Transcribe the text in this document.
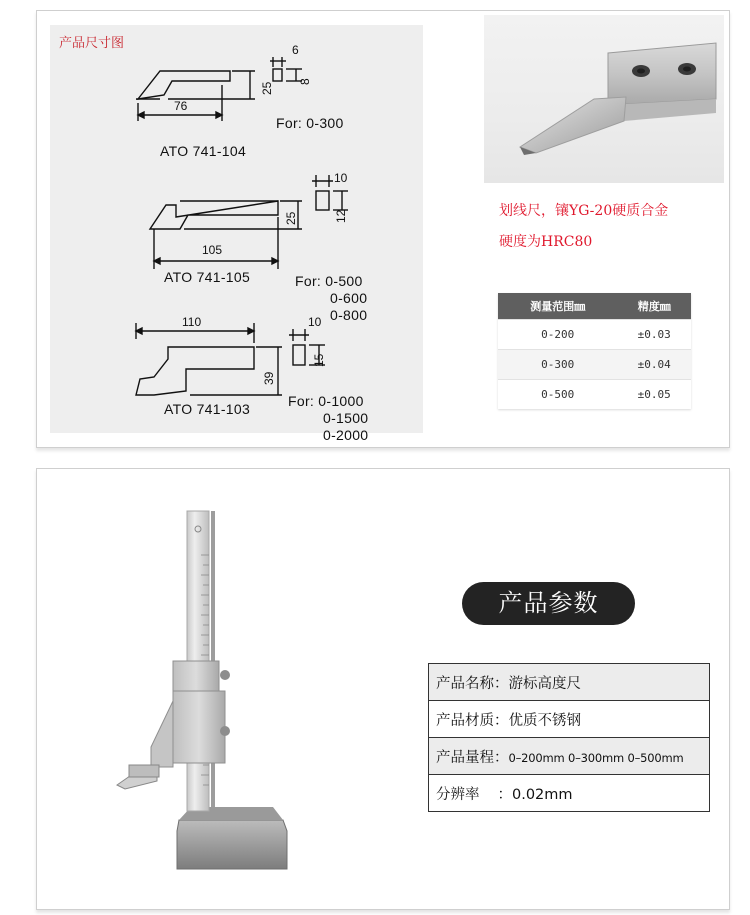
产品尺寸图	6
8
25
76
For: 0-300
ATO 741-104
10
12
25
105
ATO 741-105	For: 0-500
0-600
0-800
110	10
15
39
For: 0-1000
ATO 741-103
0-1500
0-2000
划线尺，镶YG-20硬质合金
硬度为HRC80
测量范围㎜	精度㎜
0-200	±0.03
0-300	±0.04
0-500	±0.05
产品参数
产品名称：游标高度尺
产品材质：优质不锈钢
产品量程：0–200mm 0–300mm 0–500mm
分辨率 ：0.02mm
